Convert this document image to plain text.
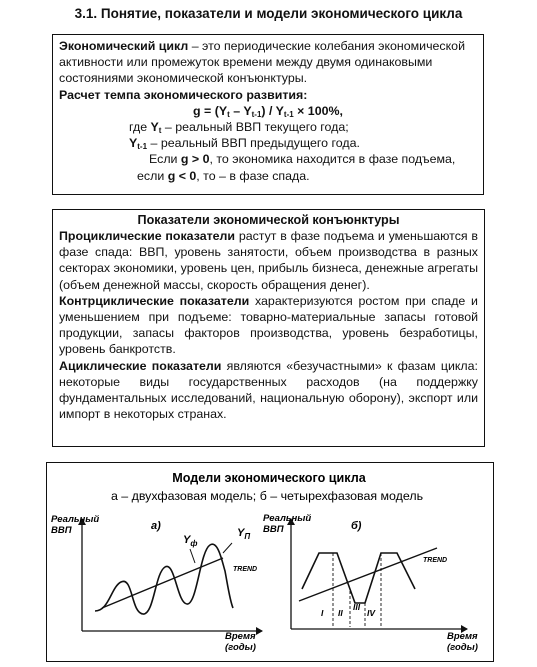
3.1. Понятие, показатели и модели экономического цикла

Экономический цикл – это периодические колебания экономической активности или промежуток времени между двумя одинаковыми состояниями экономической конъюнктуры.

Расчет темпа экономического развития:

$g = (Y_t - Y_{t-1}) / Y_{t-1} \times 100\%$,

где $Y_t$ – реальный ВВП текущего года;

$Y_{t-1}$ – реальный ВВП предыдущего года.

Если g > 0, то экономика находится в фазе подъема,

если g < 0, то – в фазе спада.

Показатели экономической конъюнктуры

Проциклические показатели растут в фазе подъема и уменьшаются в фазе спада: ВВП, уровень занятости, объем производства в разных секторах экономики, уровень цен, прибыль бизнеса, денежные агрегаты (объем денежной массы, скорость обращения денег).

Контрциклические показатели характеризуются ростом при спаде и уменьшением при подъеме: товарно-материальные запасы готовой продукции, запасы факторов производства, уровень безработицы, уровень банкротств.

Ациклические показатели являются «безучастными» к фазам цикла: некоторые виды государственных расходов (на поддержку фундаментальных исследований, национальную оборону), экспорт или импорт в некоторых странах.

Модели экономического цикла
а – двухфазовая модель; б – четырехфазовая модель
Реальный
ВВП	а)
$Y_ф$
$Y_П$
TREND
Время
(годы)
Реальный
ВВП	б)
I II
III
IV
TREND
Время
(годы)
